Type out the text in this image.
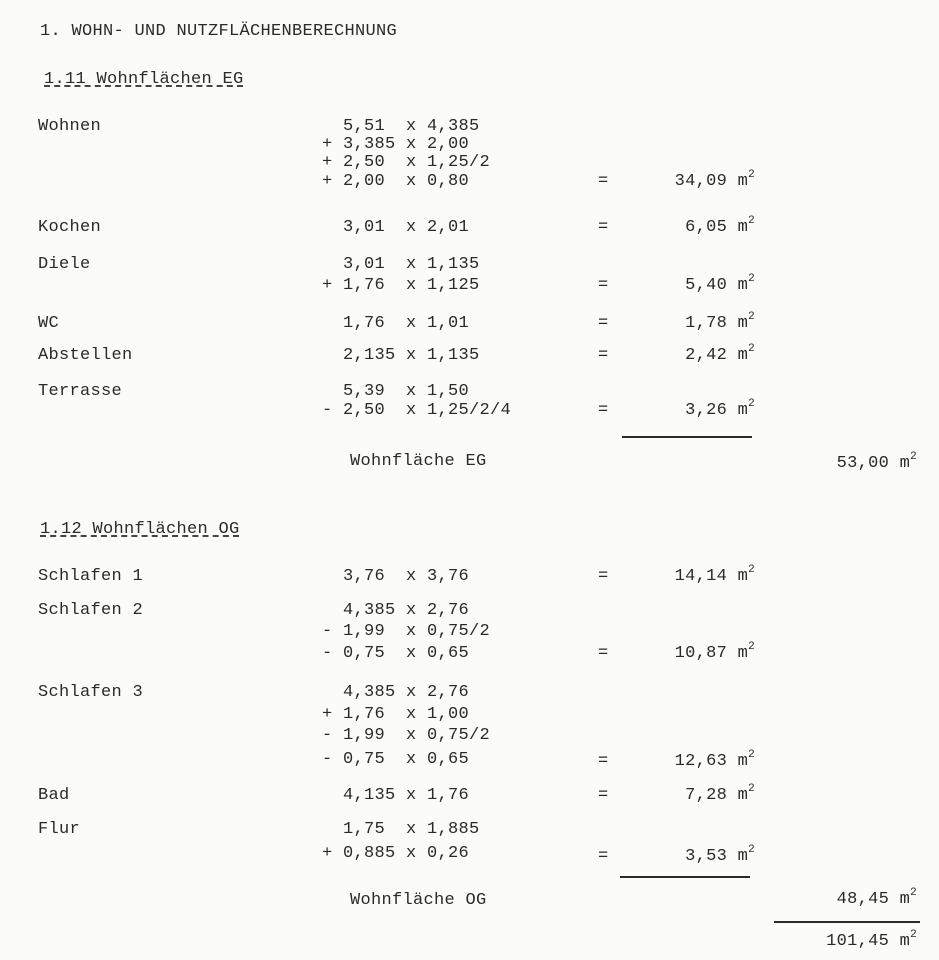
1. WOHN- UND NUTZFLÄCHENBERECHNUNG
1.11 Wohnflächen EG
Wohnen	5,51  x 4,385
+ 3,385 x 2,00
+ 2,50  x 1,25/2
+ 2,00  x 0,80	=	34,09 $m^2$
Kochen	3,01  x 2,01	=	6,05 $m^2$
Diele	3,01  x 1,135
+ 1,76  x 1,125	=	5,40 $m^2$
WC	1,76  x 1,01	=	1,78 $m^2$
Abstellen	2,135 x 1,135	=	2,42 $m^2$
Terrasse	5,39  x 1,50
- 2,50  x 1,25/2/4	=	3,26 $m^2$
Wohnfläche EG	53,00 $m^2$
1.12 Wohnflächen OG
Schlafen 1	3,76  x 3,76	=	14,14 $m^2$
Schlafen 2	4,385 x 2,76
- 1,99  x 0,75/2
- 0,75  x 0,65	=	10,87 $m^2$
Schlafen 3	4,385 x 2,76
+ 1,76  x 1,00
- 1,99  x 0,75/2
- 0,75  x 0,65	=	12,63 $m^2$
Bad	4,135 x 1,76	=	7,28 $m^2$
Flur	1,75  x 1,885
+ 0,885 x 0,26	=	3,53 $m^2$
Wohnfläche OG	48,45 $m^2$
101,45 $m^2$
